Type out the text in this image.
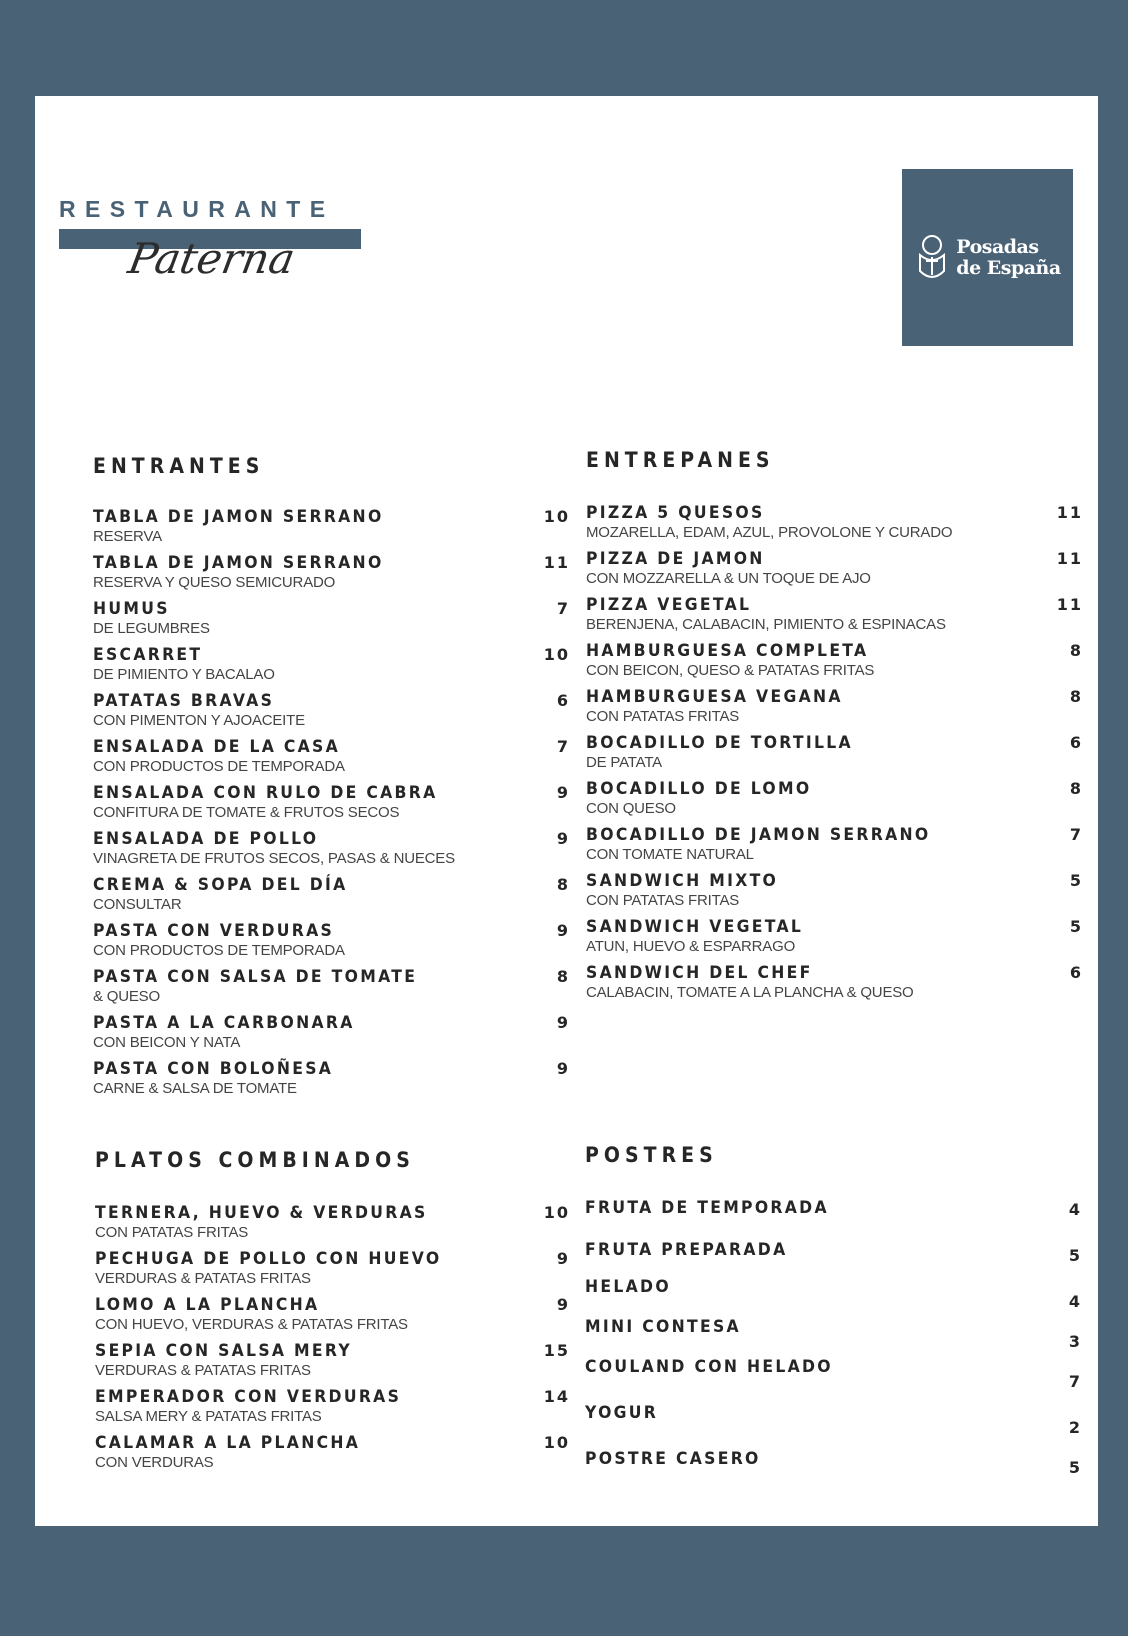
RESTAURANTE
Paterna	Posadas
de España
ENTRANTES
TABLA DE JAMON SERRANO
RESERVA
10
TABLA DE JAMON SERRANO
RESERVA Y QUESO SEMICURADO
11
HUMUS
DE LEGUMBRES
7
ESCARRET
DE PIMIENTO Y BACALAO
10
PATATAS BRAVAS
CON PIMENTON Y AJOACEITE
6
ENSALADA DE LA CASA
CON PRODUCTOS DE TEMPORADA
7
ENSALADA CON RULO DE CABRA
CONFITURA DE TOMATE & FRUTOS SECOS
9
ENSALADA DE POLLO
VINAGRETA DE FRUTOS SECOS, PASAS & NUECES
9
CREMA & SOPA DEL DÍA
CONSULTAR
8
PASTA CON VERDURAS
CON PRODUCTOS DE TEMPORADA
9
PASTA CON SALSA DE TOMATE
& QUESO
8
PASTA A LA CARBONARA
CON BEICON Y NATA
9
PASTA CON BOLOÑESA
CARNE & SALSA DE TOMATE
9
ENTREPANES
PIZZA 5 QUESOS
MOZARELLA, EDAM, AZUL, PROVOLONE Y CURADO
11
PIZZA DE JAMON
CON MOZZARELLA & UN TOQUE DE AJO
11
PIZZA VEGETAL
BERENJENA, CALABACIN, PIMIENTO & ESPINACAS
11
HAMBURGUESA COMPLETA
CON BEICON, QUESO & PATATAS FRITAS
8
HAMBURGUESA VEGANA
CON PATATAS FRITAS
8
BOCADILLO DE TORTILLA
DE PATATA
6
BOCADILLO DE LOMO
CON QUESO
8
BOCADILLO DE JAMON SERRANO
CON TOMATE NATURAL
7
SANDWICH MIXTO
CON PATATAS FRITAS
5
SANDWICH VEGETAL
ATUN, HUEVO & ESPARRAGO
5
SANDWICH DEL CHEF
CALABACIN, TOMATE A LA PLANCHA & QUESO
6
PLATOS COMBINADOS
TERNERA, HUEVO & VERDURAS
CON PATATAS FRITAS
10
PECHUGA DE POLLO CON HUEVO
VERDURAS & PATATAS FRITAS
9
LOMO A LA PLANCHA
CON HUEVO, VERDURAS & PATATAS FRITAS
9
SEPIA CON SALSA MERY
VERDURAS & PATATAS FRITAS
15
EMPERADOR CON VERDURAS
SALSA MERY & PATATAS FRITAS
14
CALAMAR A LA PLANCHA
CON VERDURAS
10
POSTRES
FRUTA DE TEMPORADA	4
FRUTA PREPARADA	5
HELADO
4
MINI CONTESA
3
COULAND CON HELADO
7
YOGUR
2
POSTRE CASERO	5
